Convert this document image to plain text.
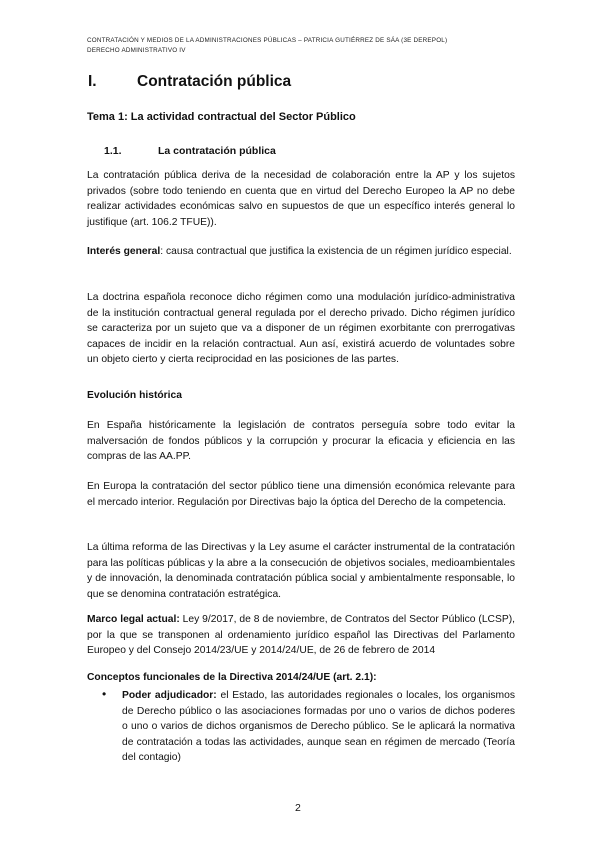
CONTRATACIÓN Y MEDIOS DE LA ADMINISTRACIONES PÚBLICAS – PATRICIA GUTIÉRREZ DE SÁA (3E DEREPOL)
DERECHO ADMINISTRATIVO IV
I.	Contratación pública
Tema 1: La actividad contractual del Sector Público
1.1.	La contratación pública
La contratación pública deriva de la necesidad de colaboración entre la AP y los sujetos privados (sobre todo teniendo en cuenta que en virtud del Derecho Europeo la AP no debe realizar actividades económicas salvo en supuestos de que un específico interés general lo justifique (art. 106.2 TFUE)).
Interés general: causa contractual que justifica la existencia de un régimen jurídico especial.
La doctrina española reconoce dicho régimen como una modulación jurídico-administrativa de la institución contractual general regulada por el derecho privado. Dicho régimen jurídico se caracteriza por un sujeto que va a disponer de un régimen exorbitante con prerrogativas capaces de incidir en la relación contractual. Aun así, existirá acuerdo de voluntades sobre un objeto cierto y cierta reciprocidad en las posiciones de las partes.
Evolución histórica
En España históricamente la legislación de contratos perseguía sobre todo evitar la malversación de fondos públicos y la corrupción y procurar la eficacia y eficiencia en las compras de las AA.PP.
En Europa la contratación del sector público tiene una dimensión económica relevante para el mercado interior. Regulación por Directivas bajo la óptica del Derecho de la competencia.
La última reforma de las Directivas y la Ley asume el carácter instrumental de la contratación para las políticas públicas y la abre a la consecución de objetivos sociales, medioambientales y de innovación, la denominada contratación pública social y ambientalmente responsable, lo que se denomina contratación estratégica.
Marco legal actual: Ley 9/2017, de 8 de noviembre, de Contratos del Sector Público (LCSP), por la que se transponen al ordenamiento jurídico español las Directivas del Parlamento Europeo y del Consejo 2014/23/UE y 2014/24/UE, de 26 de febrero de 2014
Conceptos funcionales de la Directiva 2014/24/UE (art. 2.1):
• Poder adjudicador: el Estado, las autoridades regionales o locales, los organismos de Derecho público o las asociaciones formadas por uno o varios de dichos poderes o uno o varios de dichos organismos de Derecho público. Se le aplicará la normativa de contratación a todas las actividades, aunque sean en régimen de mercado (Teoría del contagio)
2
